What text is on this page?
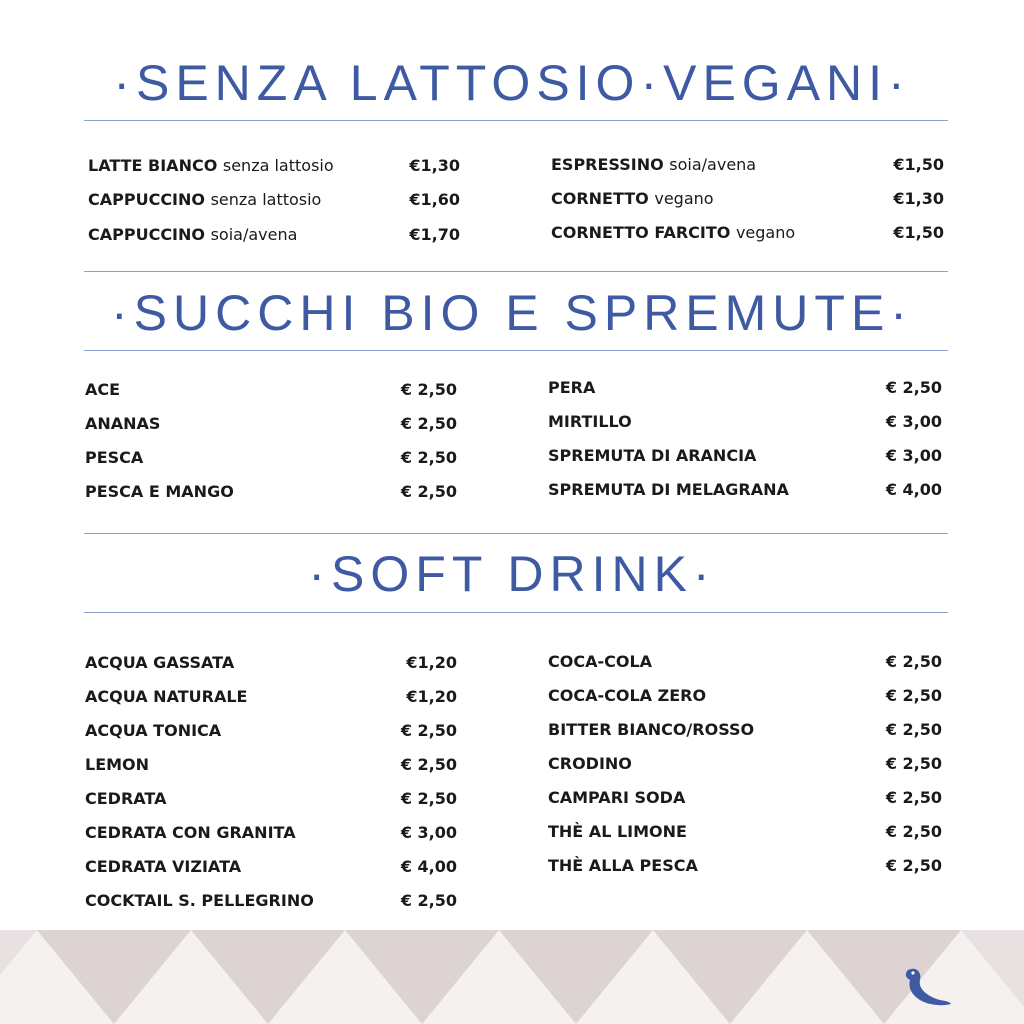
·SENZA LATTOSIO·VEGANI·
LATTE BIANCO senza lattosio	€1,30
CAPPUCCINO senza lattosio	€1,60
CAPPUCCINO soia/avena	€1,70
ESPRESSINO soia/avena	€1,50
CORNETTO vegano	€1,30
CORNETTO FARCITO vegano	€1,50
·SUCCHI BIO E SPREMUTE·
ACE	€ 2,50
ANANAS	€ 2,50
PESCA	€ 2,50
PESCA E MANGO	€ 2,50
PERA	€ 2,50
MIRTILLO	€ 3,00
SPREMUTA DI ARANCIA	€ 3,00
SPREMUTA DI MELAGRANA	€ 4,00
·SOFT DRINK·
ACQUA GASSATA	€1,20
ACQUA NATURALE	€1,20
ACQUA TONICA	€ 2,50
LEMON	€ 2,50
CEDRATA	€ 2,50
CEDRATA CON GRANITA	€ 3,00
CEDRATA VIZIATA	€ 4,00
COCKTAIL S. PELLEGRINO	€ 2,50
COCA-COLA	€ 2,50
COCA-COLA ZERO	€ 2,50
BITTER BIANCO/ROSSO	€ 2,50
CRODINO	€ 2,50
CAMPARI SODA	€ 2,50
THÈ AL LIMONE	€ 2,50
THÈ ALLA PESCA	€ 2,50
